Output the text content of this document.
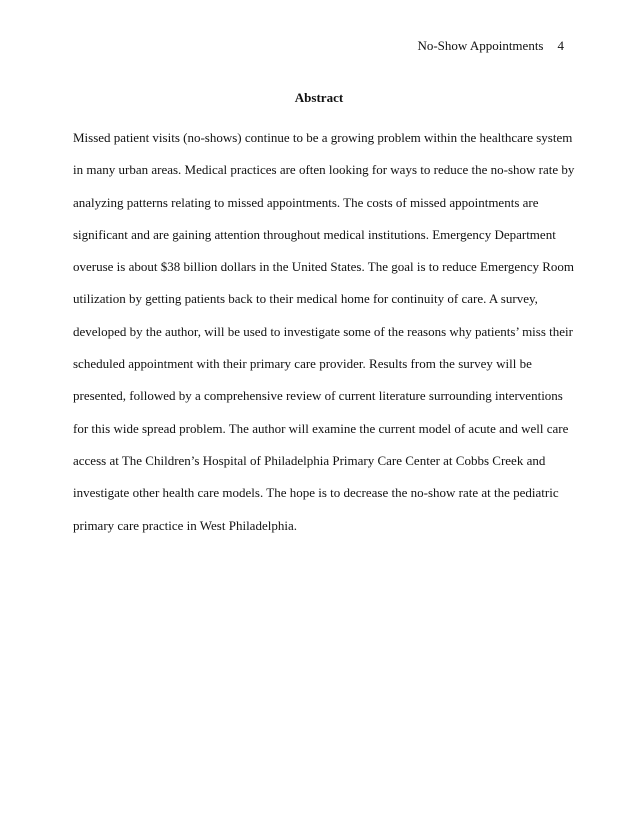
No-Show Appointments 4
Abstract
Missed patient visits (no-shows) continue to be a growing problem within the healthcare system
in many urban areas. Medical practices are often looking for ways to reduce the no-show rate by
analyzing patterns relating to missed appointments. The costs of missed appointments are
significant and are gaining attention throughout medical institutions. Emergency Department
overuse is about $38 billion dollars in the United States. The goal is to reduce Emergency Room
utilization by getting patients back to their medical home for continuity of care. A survey,
developed by the author, will be used to investigate some of the reasons why patients’ miss their
scheduled appointment with their primary care provider. Results from the survey will be
presented, followed by a comprehensive review of current literature surrounding interventions
for this wide spread problem. The author will examine the current model of acute and well care
access at The Children’s Hospital of Philadelphia Primary Care Center at Cobbs Creek and
investigate other health care models. The hope is to decrease the no-show rate at the pediatric
primary care practice in West Philadelphia.
